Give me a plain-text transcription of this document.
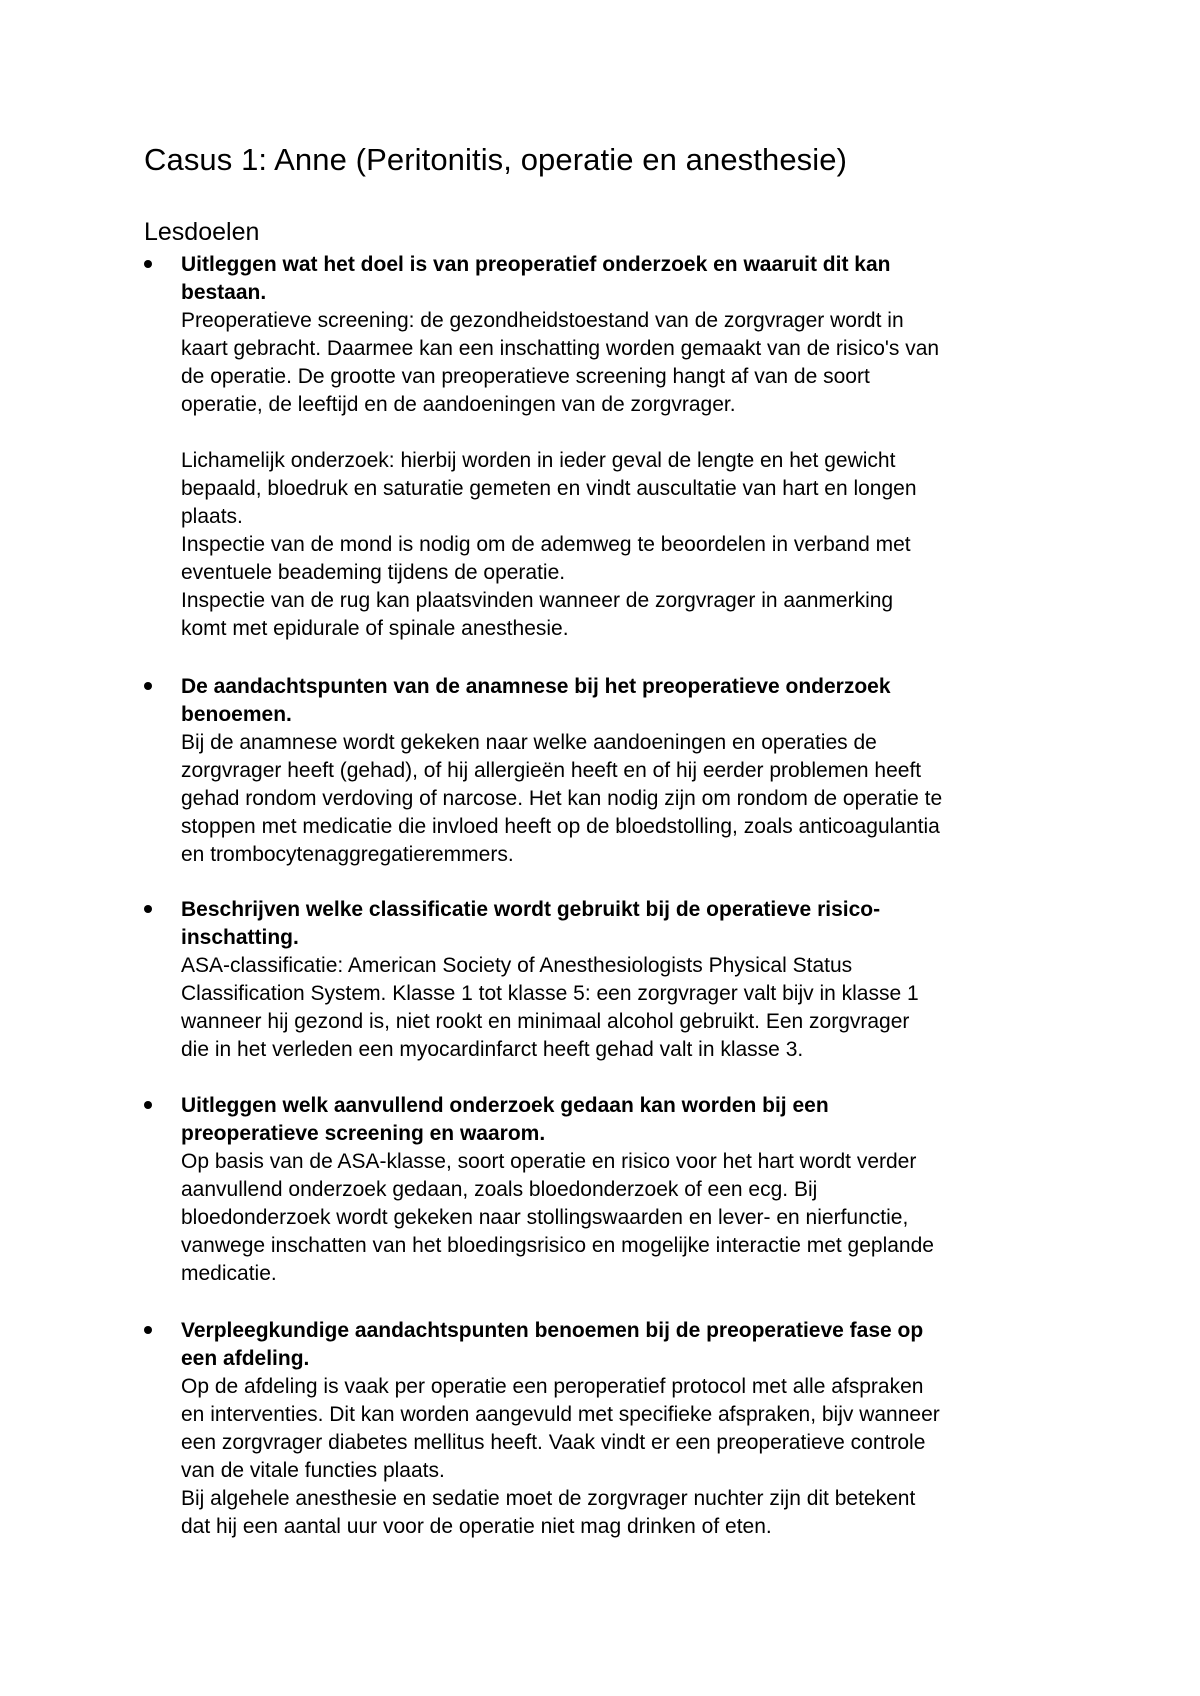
Casus 1: Anne (Peritonitis, operatie en anesthesie)
Lesdoelen
Uitleggen wat het doel is van preoperatief onderzoek en waaruit dit kan
bestaan.

Preoperatieve screening: de gezondheidstoestand van de zorgvrager wordt in
kaart gebracht. Daarmee kan een inschatting worden gemaakt van de risico's van
de operatie. De grootte van preoperatieve screening hangt af van de soort
operatie, de leeftijd en de aandoeningen van de zorgvrager.

Lichamelijk onderzoek: hierbij worden in ieder geval de lengte en het gewicht
bepaald, bloedruk en saturatie gemeten en vindt auscultatie van hart en longen
plaats.
Inspectie van de mond is nodig om de ademweg te beoordelen in verband met
eventuele beademing tijdens de operatie.
Inspectie van de rug kan plaatsvinden wanneer de zorgvrager in aanmerking
komt met epidurale of spinale anesthesie.

De aandachtspunten van de anamnese bij het preoperatieve onderzoek
benoemen.

Bij de anamnese wordt gekeken naar welke aandoeningen en operaties de
zorgvrager heeft (gehad), of hij allergieën heeft en of hij eerder problemen heeft
gehad rondom verdoving of narcose. Het kan nodig zijn om rondom de operatie te
stoppen met medicatie die invloed heeft op de bloedstolling, zoals anticoagulantia
en trombocytenaggregatieremmers.

Beschrijven welke classificatie wordt gebruikt bij de operatieve risico-
inschatting.

ASA-classificatie: American Society of Anesthesiologists Physical Status
Classification System. Klasse 1 tot klasse 5: een zorgvrager valt bijv in klasse 1
wanneer hij gezond is, niet rookt en minimaal alcohol gebruikt. Een zorgvrager
die in het verleden een myocardinfarct heeft gehad valt in klasse 3.

Uitleggen welk aanvullend onderzoek gedaan kan worden bij een
preoperatieve screening en waarom.

Op basis van de ASA-klasse, soort operatie en risico voor het hart wordt verder
aanvullend onderzoek gedaan, zoals bloedonderzoek of een ecg. Bij
bloedonderzoek wordt gekeken naar stollingswaarden en lever- en nierfunctie,
vanwege inschatten van het bloedingsrisico en mogelijke interactie met geplande
medicatie.

Verpleegkundige aandachtspunten benoemen bij de preoperatieve fase op
een afdeling.

Op de afdeling is vaak per operatie een peroperatief protocol met alle afspraken
en interventies. Dit kan worden aangevuld met specifieke afspraken, bijv wanneer
een zorgvrager diabetes mellitus heeft. Vaak vindt er een preoperatieve controle
van de vitale functies plaats.
Bij algehele anesthesie en sedatie moet de zorgvrager nuchter zijn dit betekent
dat hij een aantal uur voor de operatie niet mag drinken of eten.
